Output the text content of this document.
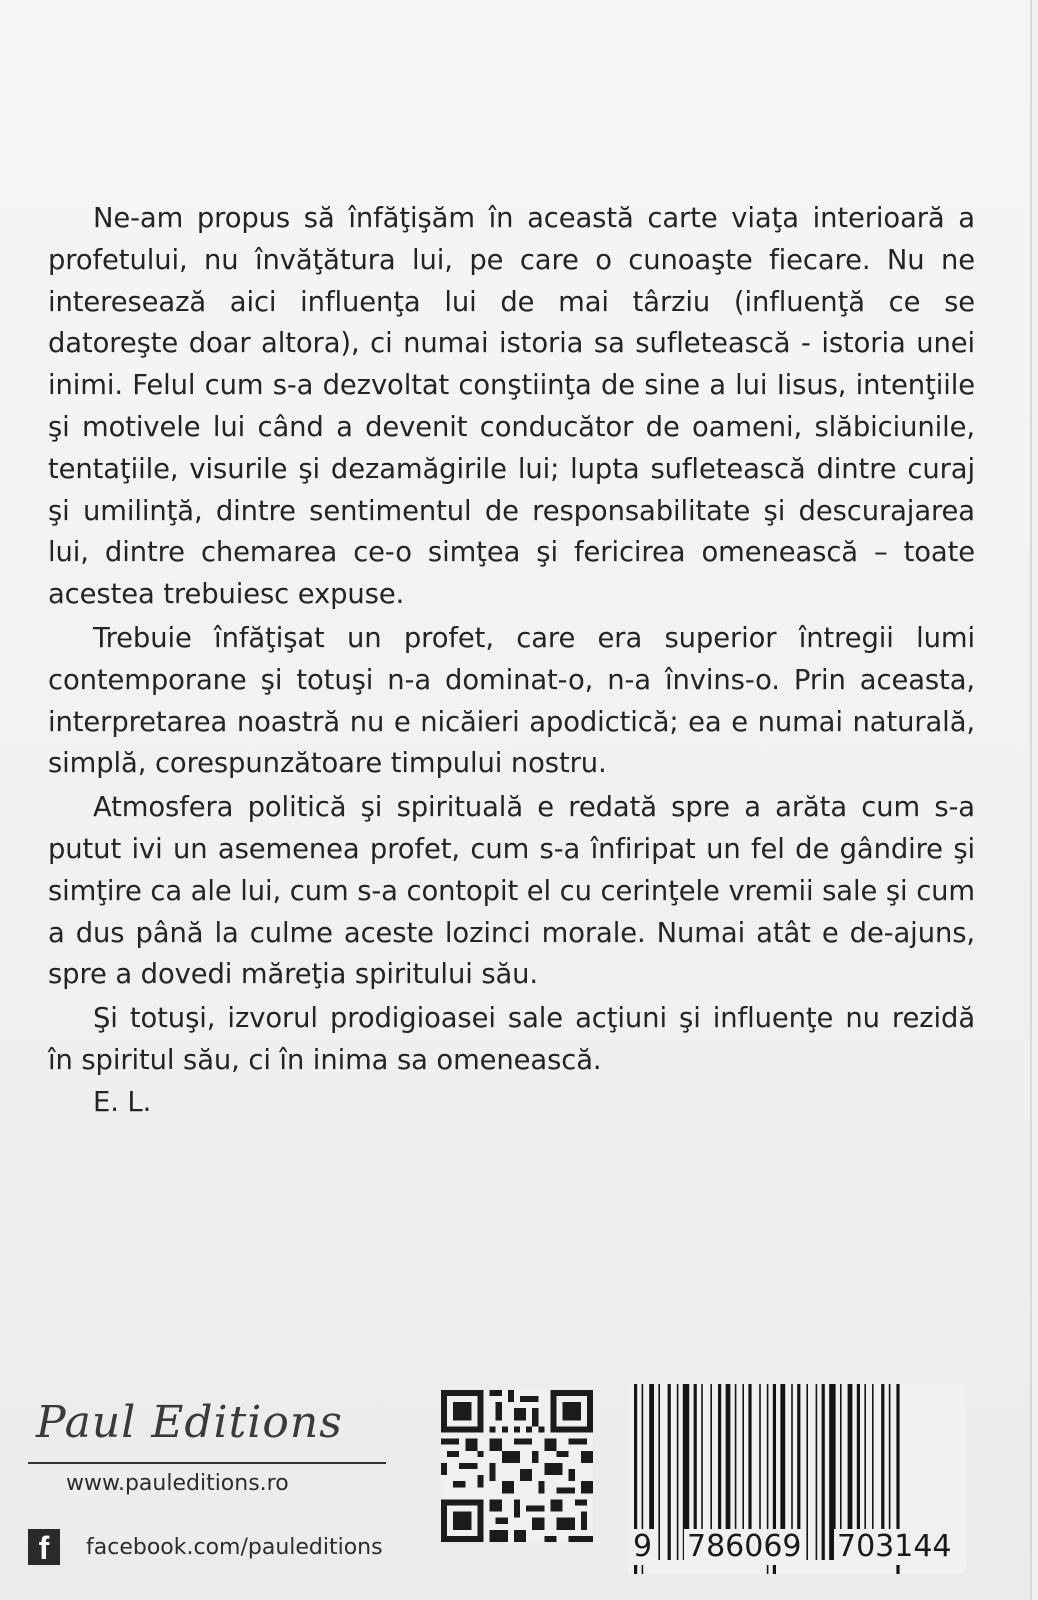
Ne-am propus să înfăţişăm în această carte viaţa interioară a profetului, nu învăţătura lui, pe care o cunoaşte fiecare. Nu ne interesează aici influenţa lui de mai târziu (influenţă ce se datoreşte doar altora), ci numai istoria sa sufletească - istoria unei inimi. Felul cum s-a dezvoltat conştiinţa de sine a lui Iisus, intenţiile şi motivele lui când a devenit conducător de oameni, slăbiciunile, tentaţiile, visurile şi dezamăgirile lui; lupta sufletească dintre curaj şi umilinţă, dintre sentimentul de responsabilitate şi descurajarea lui, dintre chemarea ce-o simţea şi fericirea omenească – toate acestea trebuiesc expuse.

Trebuie înfăţişat un profet, care era superior întregii lumi contemporane şi totuşi n-a dominat-o, n-a învins-o. Prin aceasta, interpretarea noastră nu e nicăieri apodictică; ea e numai naturală, simplă, corespunzătoare timpului nostru.

Atmosfera politică şi spirituală e redată spre a arăta cum s-a putut ivi un asemenea profet, cum s-a înfiripat un fel de gândire şi simţire ca ale lui, cum s-a contopit el cu cerinţele vremii sale şi cum a dus până la culme aceste lozinci morale. Numai atât e de-ajuns, spre a dovedi măreţia spiritului său.

Şi totuşi, izvorul prodigioasei sale acţiuni şi influenţe nu rezidă în spiritul său, ci în inima sa omenească.

E. L.

Paul Editions
www.pauleditions.ro
f	facebook.com/pauleditions	9 786069 703144
